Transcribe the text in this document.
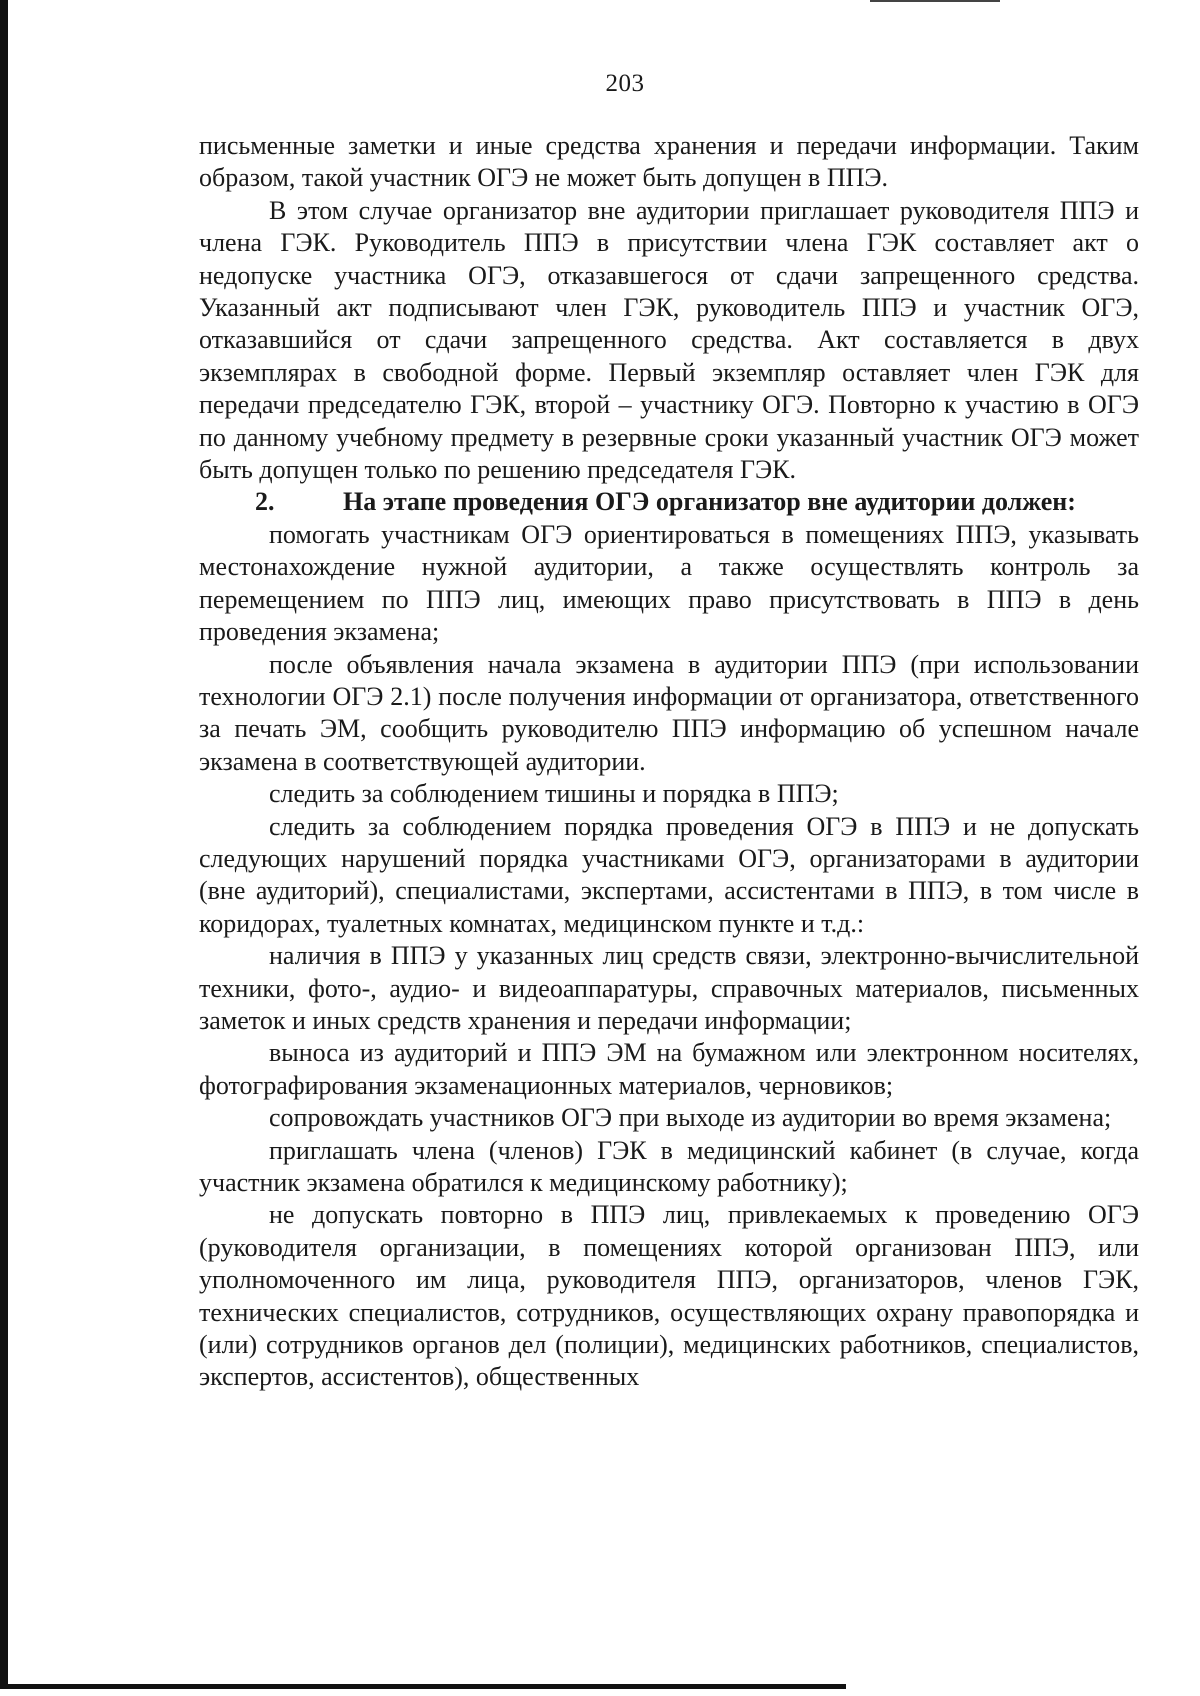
203

письменные заметки и иные средства хранения и передачи информации. Таким образом, такой участник ОГЭ не может быть допущен в ППЭ.

В этом случае организатор вне аудитории приглашает руководителя ППЭ и члена ГЭК. Руководитель ППЭ в присутствии члена ГЭК составляет акт о недопуске участника ОГЭ, отказавшегося от сдачи запрещенного средства. Указанный акт подписывают член ГЭК, руководитель ППЭ и участник ОГЭ, отказавшийся от сдачи запрещенного средства. Акт составляется в двух экземплярах в свободной форме. Первый экземпляр оставляет член ГЭК для передачи председателю ГЭК, второй – участнику ОГЭ. Повторно к участию в ОГЭ по данному учебному предмету в резервные сроки указанный участник ОГЭ может быть допущен только по решению председателя ГЭК.

2.	На этапе проведения ОГЭ организатор вне аудитории должен:

помогать участникам ОГЭ ориентироваться в помещениях ППЭ, указывать местонахождение нужной аудитории, а также осуществлять контроль за перемещением по ППЭ лиц, имеющих право присутствовать в ППЭ в день проведения экзамена;

после объявления начала экзамена в аудитории ППЭ (при использовании технологии ОГЭ 2.1) после получения информации от организатора, ответственного за печать ЭМ, сообщить руководителю ППЭ информацию об успешном начале экзамена в соответствующей аудитории.

следить за соблюдением тишины и порядка в ППЭ;

следить за соблюдением порядка проведения ОГЭ в ППЭ и не допускать следующих нарушений порядка участниками ОГЭ, организаторами в аудитории (вне аудиторий), специалистами, экспертами, ассистентами в ППЭ, в том числе в коридорах, туалетных комнатах, медицинском пункте и т.д.:

наличия в ППЭ у указанных лиц средств связи, электронно-вычислительной техники, фото-, аудио- и видеоаппаратуры, справочных материалов, письменных заметок и иных средств хранения и передачи информации;

выноса из аудиторий и ППЭ ЭМ на бумажном или электронном носителях, фотографирования экзаменационных материалов, черновиков;

сопровождать участников ОГЭ при выходе из аудитории во время экзамена;

приглашать члена (членов) ГЭК в медицинский кабинет (в случае, когда участник экзамена обратился к медицинскому работнику);

не допускать повторно в ППЭ лиц, привлекаемых к проведению ОГЭ (руководителя организации, в помещениях которой организован ППЭ, или уполномоченного им лица, руководителя ППЭ, организаторов, членов ГЭК, технических специалистов, сотрудников, осуществляющих охрану правопорядка и (или) сотрудников органов дел (полиции), медицинских работников, специалистов, экспертов, ассистентов), общественных
